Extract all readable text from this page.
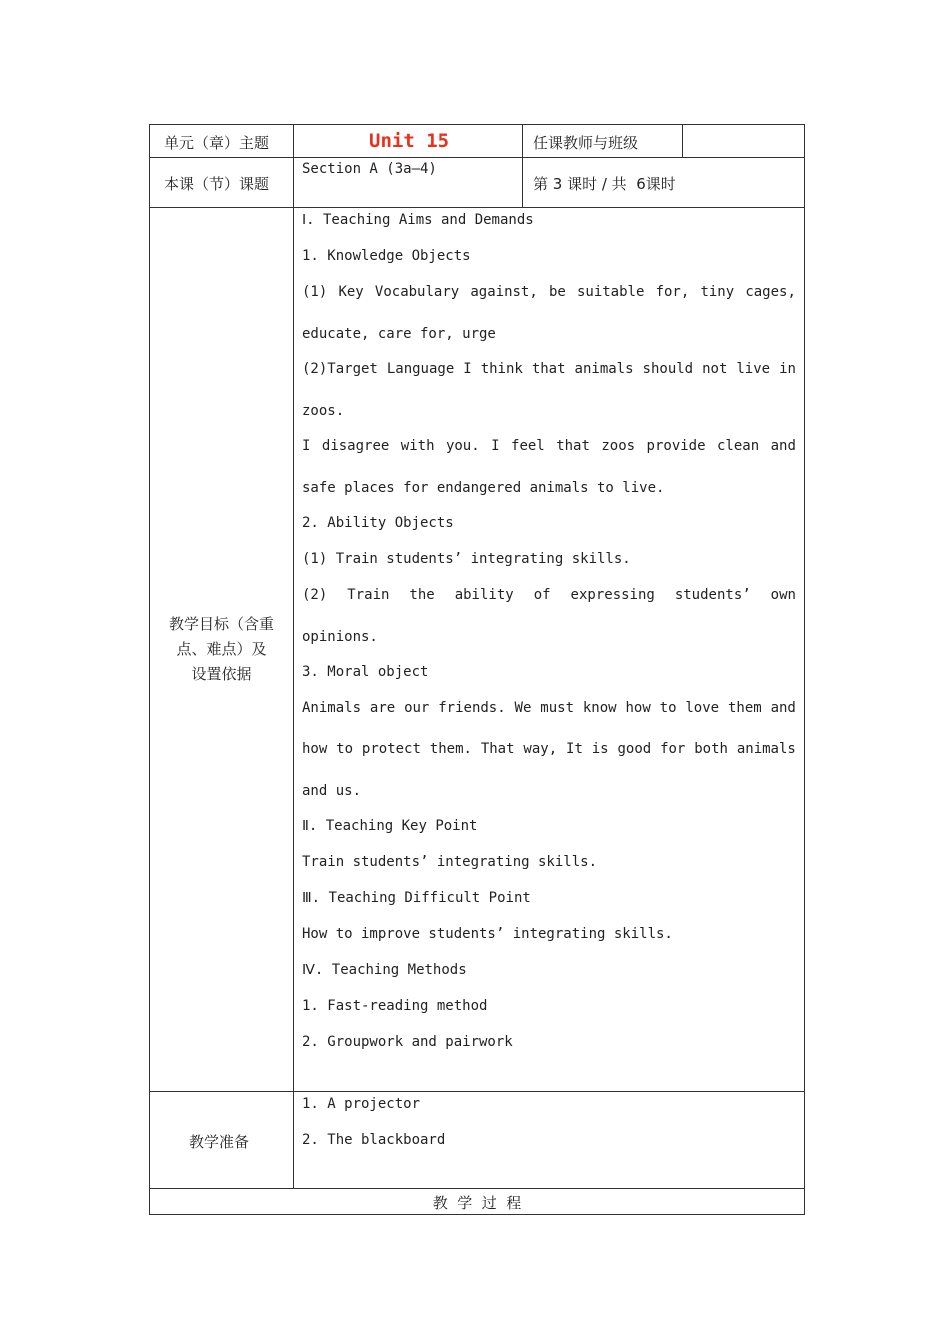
单元（章）主题	Unit 15	任课教师与班级
本课（节）课题
Section A (3a—4)
第 3 课时 / 共  6课时
教学目标（含重
点、难点）及
设置依据
Ⅰ. Teaching Aims and Demands
1. Knowledge Objects
(1) Key Vocabulary against, be suitable for, tiny cages,
educate, care for, urge
(2)Target Language I think that animals should not live in
zoos.
I disagree with you. I feel that zoos provide clean and
safe places for endangered animals to live.
2. Ability Objects
(1) Train students’ integrating skills.
(2) Train the ability of expressing students’ own
opinions.
3. Moral object
Animals are our friends. We must know how to love them and
how to protect them. That way, It is good for both animals
and us.
Ⅱ. Teaching Key Point
Train students’ integrating skills.
Ⅲ. Teaching Difficult Point
How to improve students’ integrating skills.
Ⅳ. Teaching Methods
1. Fast-reading method
2. Groupwork and pairwork
教学准备
1. A projector
2. The blackboard
教  学  过  程
